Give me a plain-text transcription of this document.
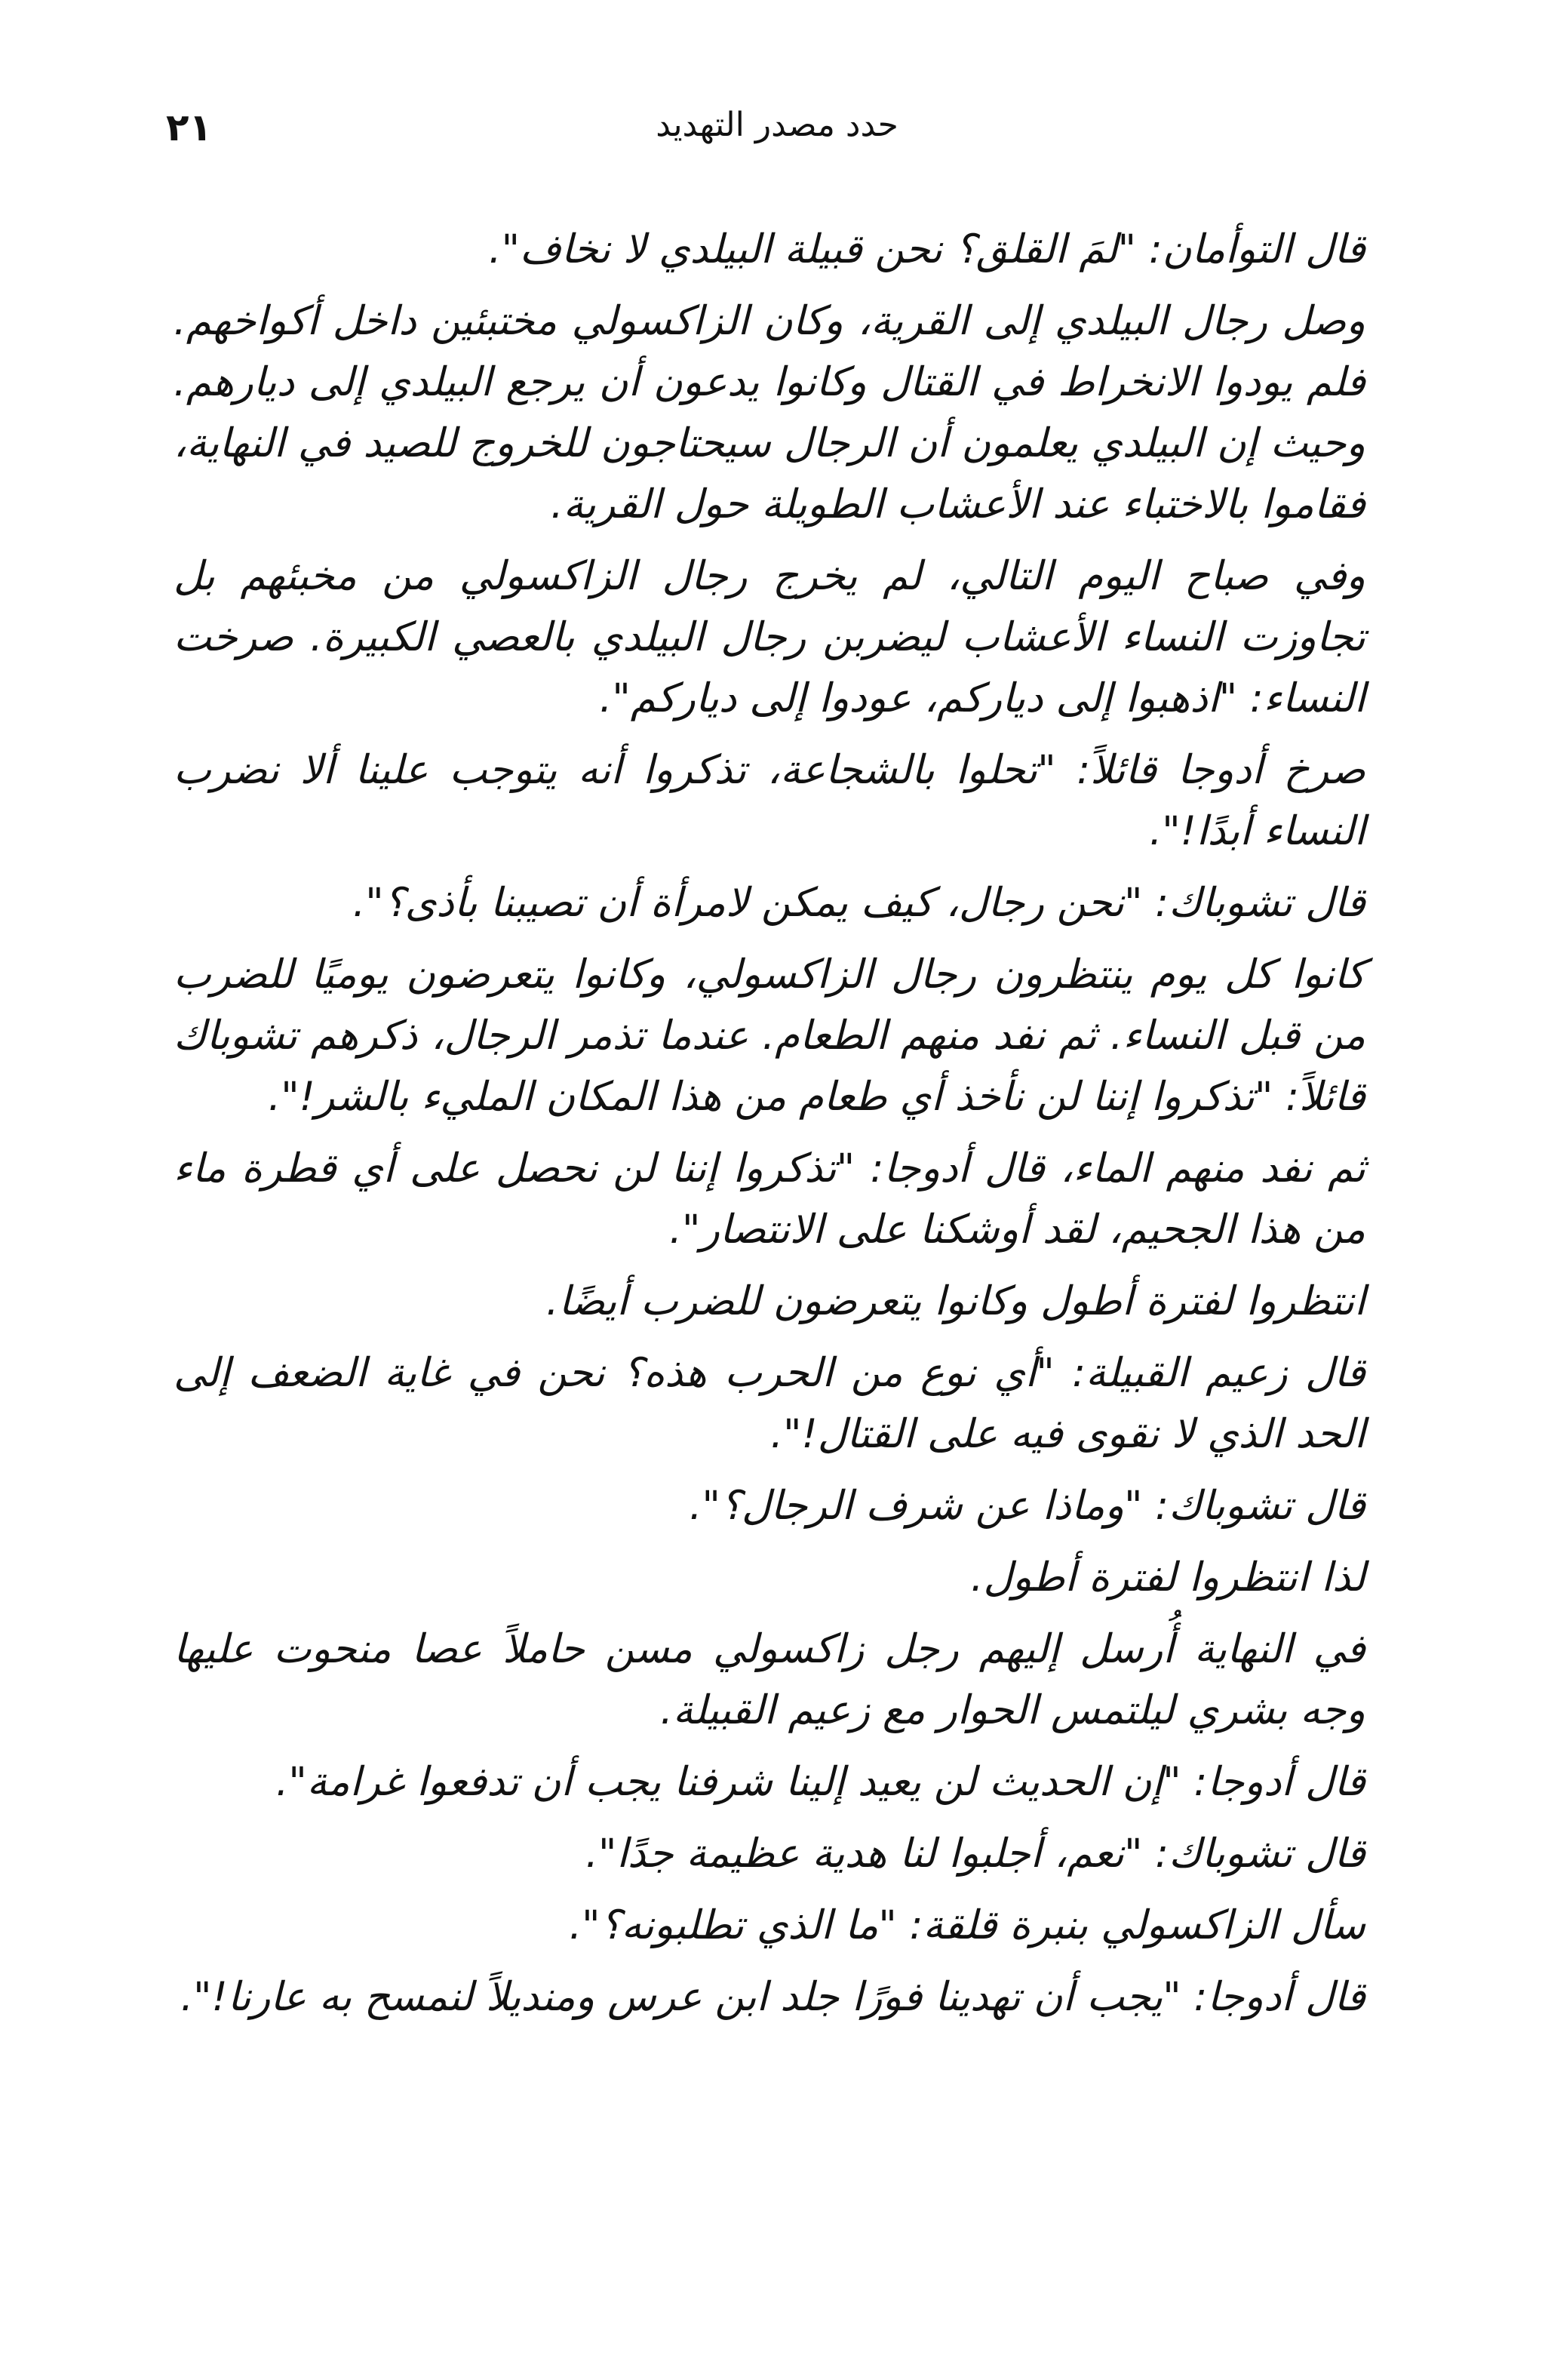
٢١	حدد مصدر التهديد

قال التوأمان: "لمَ القلق؟ نحن قبيلة البيلدي لا نخاف".

وصل رجال البيلدي إلى القرية، وكان الزاكسولي مختبئين داخل أكواخهم. فلم يودوا الانخراط في القتال وكانوا يدعون أن يرجع البيلدي إلى ديارهم. وحيث إن البيلدي يعلمون أن الرجال سيحتاجون للخروج للصيد في النهاية، فقاموا بالاختباء عند الأعشاب الطويلة حول القرية.

وفي صباح اليوم التالي، لم يخرج رجال الزاكسولي من مخبئهم بل تجاوزت النساء الأعشاب ليضربن رجال البيلدي بالعصي الكبيرة. صرخت النساء: "اذهبوا إلى دياركم، عودوا إلى دياركم".

صرخ أدوجا قائلاً: "تحلوا بالشجاعة، تذكروا أنه يتوجب علينا ألا نضرب النساء أبدًا!".

قال تشوباك: "نحن رجال، كيف يمكن لامرأة أن تصيبنا بأذى؟".

كانوا كل يوم ينتظرون رجال الزاكسولي، وكانوا يتعرضون يوميًا للضرب من قبل النساء. ثم نفد منهم الطعام. عندما تذمر الرجال، ذكرهم تشوباك قائلاً: "تذكروا إننا لن نأخذ أي طعام من هذا المكان المليء بالشر!".

ثم نفد منهم الماء، قال أدوجا: "تذكروا إننا لن نحصل على أي قطرة ماء من هذا الجحيم، لقد أوشكنا على الانتصار".

انتظروا لفترة أطول وكانوا يتعرضون للضرب أيضًا.

قال زعيم القبيلة: "أي نوع من الحرب هذه؟ نحن في غاية الضعف إلى الحد الذي لا نقوى فيه على القتال!".

قال تشوباك: "وماذا عن شرف الرجال؟".

لذا انتظروا لفترة أطول.

في النهاية أُرسل إليهم رجل زاكسولي مسن حاملاً عصا منحوت عليها وجه بشري ليلتمس الحوار مع زعيم القبيلة.

قال أدوجا: "إن الحديث لن يعيد إلينا شرفنا يجب أن تدفعوا غرامة".

قال تشوباك: "نعم، أجلبوا لنا هدية عظيمة جدًا".

سأل الزاكسولي بنبرة قلقة: "ما الذي تطلبونه؟".

قال أدوجا: "يجب أن تهدينا فورًا جلد ابن عرس ومنديلاً لنمسح به عارنا!".
